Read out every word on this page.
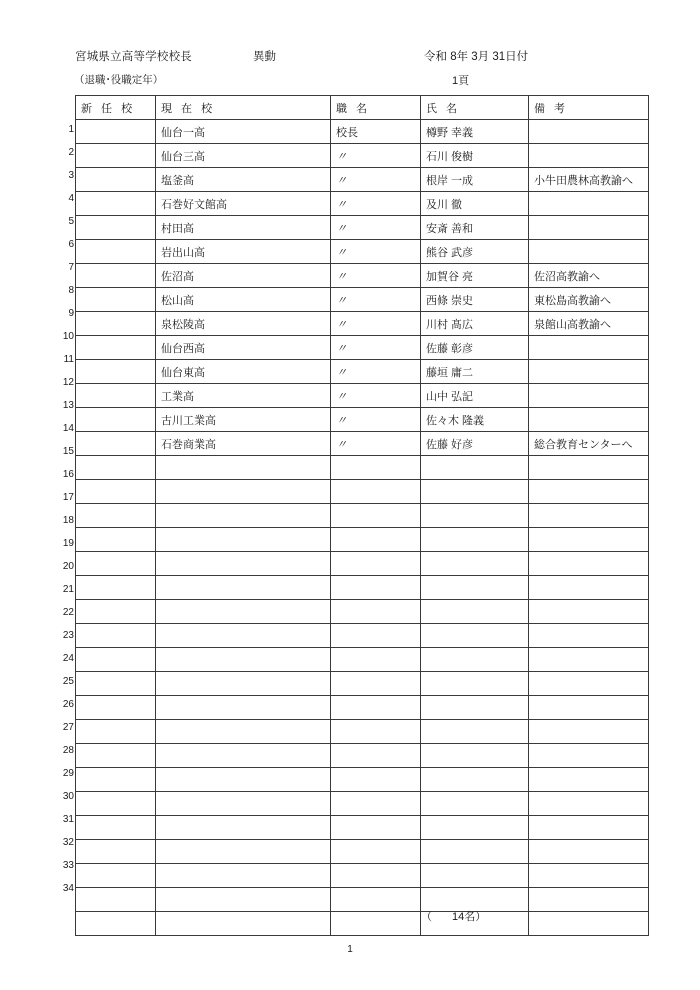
宮城県立高等学校校長	異動	令和 8年 3月 31日付
（退職･役職定年）	1頁
1
2
3
4
5
6
7
8
9
10
11
12
13
14
15
16
17
18
19
20
21
22
23
24
25
26
27
28
29
30
31
32
33
34
新 任 校	現 在 校	職 名	氏 名	備 考
	仙台一高	校長	樽野 幸義	
	仙台三高	〃	石川 俊樹	
	塩釜高	〃	根岸 一成	小牛田農林高教諭へ
	石巻好文館高	〃	及川 徹	
	村田高	〃	安斎 善和	
	岩出山高	〃	熊谷 武彦	
	佐沼高	〃	加賀谷 亮	佐沼高教諭へ
	松山高	〃	西條 崇史	東松島高教諭へ
	泉松陵高	〃	川村 髙広	泉館山高教諭へ
	仙台西高	〃	佐藤 彰彦	
	仙台東高	〃	藤垣 庸二	
	工業高	〃	山中 弘記	
	古川工業高	〃	佐々木 隆義	
	石巻商業高	〃	佐藤 好彦	総合教育センターへ

（ 14名）
1
